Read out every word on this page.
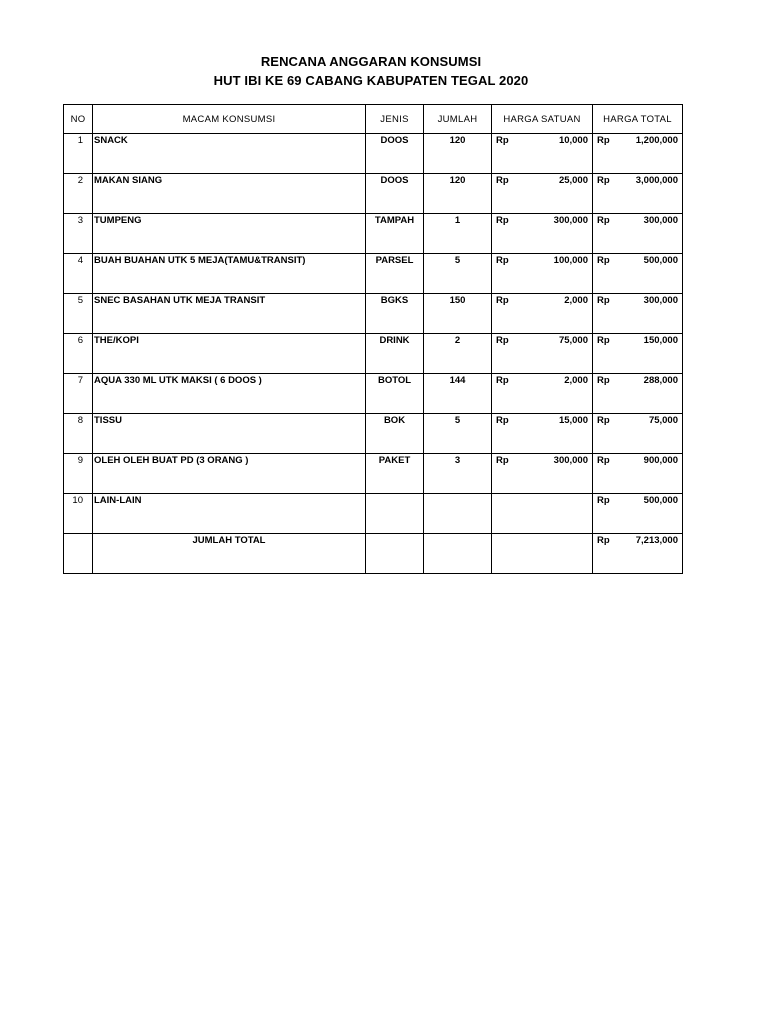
RENCANA ANGGARAN KONSUMSI
HUT IBI KE 69 CABANG KABUPATEN TEGAL 2020
NO	MACAM KONSUMSI	JENIS	JUMLAH	HARGA SATUAN	HARGA TOTAL
1	SNACK	DOOS	120	Rp 10,000	Rp 1,200,000

2	MAKAN SIANG	DOOS	120	Rp 25,000	Rp 3,000,000

3	TUMPENG	TAMPAH	1	Rp 300,000	Rp 300,000

4	BUAH BUAHAN UTK 5 MEJA(TAMU&TRANSIT)	PARSEL	5	Rp 100,000	Rp 500,000

5	SNEC BASAHAN UTK MEJA TRANSIT	BGKS	150	Rp 2,000	Rp 300,000

6	THE/KOPI	DRINK	2	Rp 75,000	Rp 150,000

7	AQUA 330 ML UTK MAKSI ( 6 DOOS )	BOTOL	144	Rp 2,000	Rp 288,000

8	TISSU	BOK	5	Rp 15,000	Rp 75,000

9	OLEH OLEH BUAT PD (3 ORANG )	PAKET	3	Rp 300,000	Rp 900,000

10	LAIN-LAIN				Rp 500,000

	JUMLAH TOTAL				Rp 7,213,000
